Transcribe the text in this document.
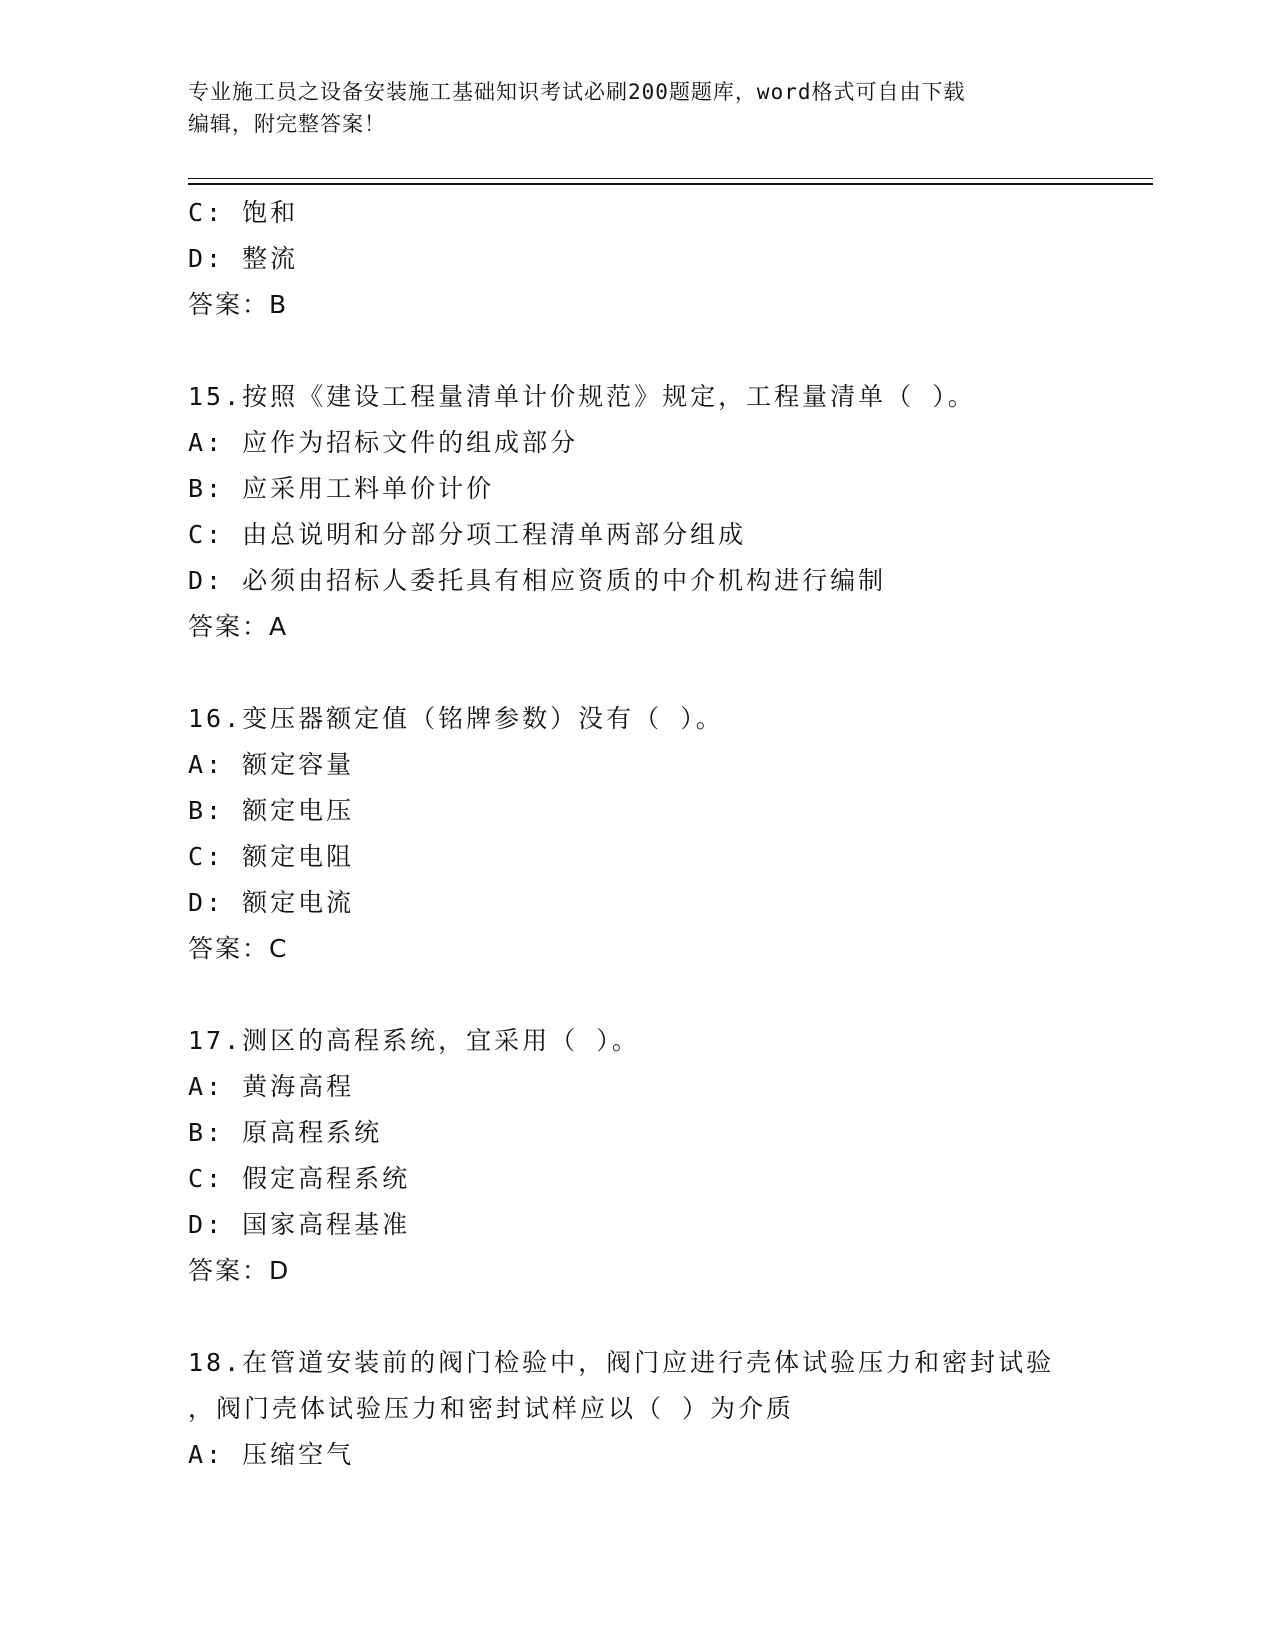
专业施工员之设备安装施工基础知识考试必刷200题题库，word格式可自由下载
编辑，附完整答案！
C: 饱和
D: 整流
答案：B
15.按照《建设工程量清单计价规范》规定，工程量清单（ ）。
A: 应作为招标文件的组成部分
B: 应采用工料单价计价
C: 由总说明和分部分项工程清单两部分组成
D: 必须由招标人委托具有相应资质的中介机构进行编制
答案：A
16.变压器额定值（铭牌参数）没有（ ）。
A: 额定容量
B: 额定电压
C: 额定电阻
D: 额定电流
答案：C
17.测区的高程系统，宜采用（ ）。
A: 黄海高程
B: 原高程系统
C: 假定高程系统
D: 国家高程基准
答案：D
18.在管道安装前的阀门检验中，阀门应进行壳体试验压力和密封试验
，阀门壳体试验压力和密封试样应以（ ）为介质
A: 压缩空气
